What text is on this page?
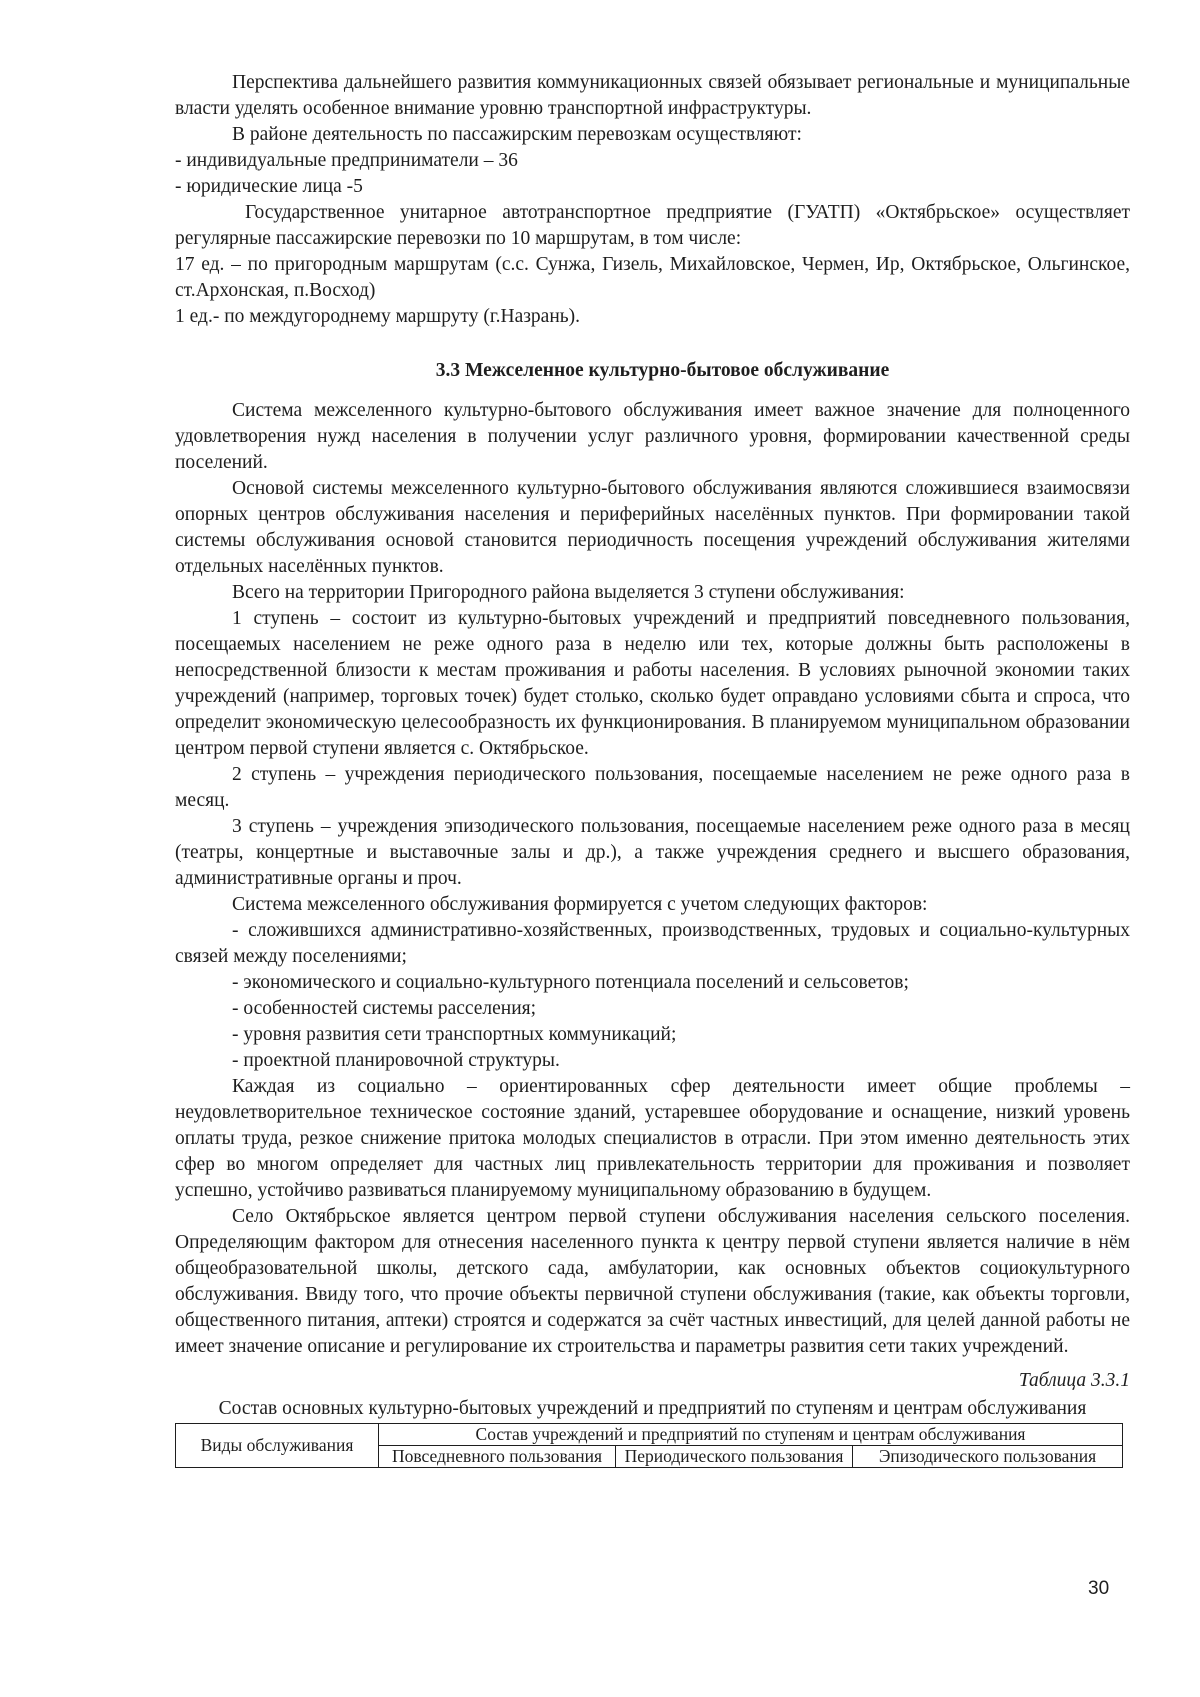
Перспектива дальнейшего развития коммуникационных связей обязывает региональные и муниципальные власти уделять особенное внимание уровню транспортной инфраструктуры.

В районе деятельность по пассажирским перевозкам осуществляют:

- индивидуальные предприниматели – 36

- юридические лица -5

Государственное унитарное автотранспортное предприятие (ГУАТП) «Октябрьское» осуществляет регулярные пассажирские перевозки по 10 маршрутам, в том числе:

17 ед. – по пригородным маршрутам (с.с. Сунжа, Гизель, Михайловское, Чермен, Ир, Октябрьское, Ольгинское, ст.Архонская, п.Восход)

1 ед.- по междугороднему маршруту (г.Назрань).

3.3 Межселенное культурно-бытовое обслуживание

Система межселенного культурно-бытового обслуживания имеет важное значение для полноценного удовлетворения нужд населения в получении услуг различного уровня, формировании качественной среды поселений.

Основой системы межселенного культурно-бытового обслуживания являются сложившиеся взаимосвязи опорных центров обслуживания населения и периферийных населённых пунктов. При формировании такой системы обслуживания основой становится периодичность посещения учреждений обслуживания жителями отдельных населённых пунктов.

Всего на территории Пригородного района выделяется 3 ступени обслуживания:

1 ступень – состоит из культурно-бытовых учреждений и предприятий повседневного пользования, посещаемых населением не реже одного раза в неделю или тех, которые должны быть расположены в непосредственной близости к местам проживания и работы населения. В условиях рыночной экономии таких учреждений (например, торговых точек) будет столько, сколько будет оправдано условиями сбыта и спроса, что определит экономическую целесообразность их функционирования. В планируемом муниципальном образовании центром первой ступени является с. Октябрьское.

2 ступень – учреждения периодического пользования, посещаемые населением не реже одного раза в месяц.

3 ступень – учреждения эпизодического пользования, посещаемые населением реже одного раза в месяц (театры, концертные и выставочные залы и др.), а также учреждения среднего и высшего образования, административные органы и проч.

Система межселенного обслуживания формируется с учетом следующих факторов:

- сложившихся административно-хозяйственных, производственных, трудовых и социально-культурных связей между поселениями;

- экономического и социально-культурного потенциала поселений и сельсоветов;

- особенностей системы расселения;

- уровня развития сети транспортных коммуникаций;

- проектной планировочной структуры.

Каждая из социально – ориентированных сфер деятельности имеет общие проблемы – неудовлетворительное техническое состояние зданий, устаревшее оборудование и оснащение, низкий уровень оплаты труда, резкое снижение притока молодых специалистов в отрасли. При этом именно деятельность этих сфер во многом определяет для частных лиц привлекательность территории для проживания и позволяет успешно, устойчиво развиваться планируемому муниципальному образованию в будущем.

Село Октябрьское является центром первой ступени обслуживания населения сельского поселения. Определяющим фактором для отнесения населенного пункта к центру первой ступени является наличие в нём общеобразовательной школы, детского сада, амбулатории, как основных объектов социокультурного обслуживания. Ввиду того, что прочие объекты первичной ступени обслуживания (такие, как объекты торговли, общественного питания, аптеки) строятся и содержатся за счёт частных инвестиций, для целей данной работы не имеет значение описание и регулирование их строительства и параметры развития сети таких учреждений.

Таблица 3.3.1

Состав основных культурно-бытовых учреждений и предприятий по ступеням и центрам обслуживания

Виды обслуживания	Состав учреждений и предприятий по ступеням и центрам обслуживания		
	Повседневного пользования	Периодического пользования	Эпизодического пользования
30
